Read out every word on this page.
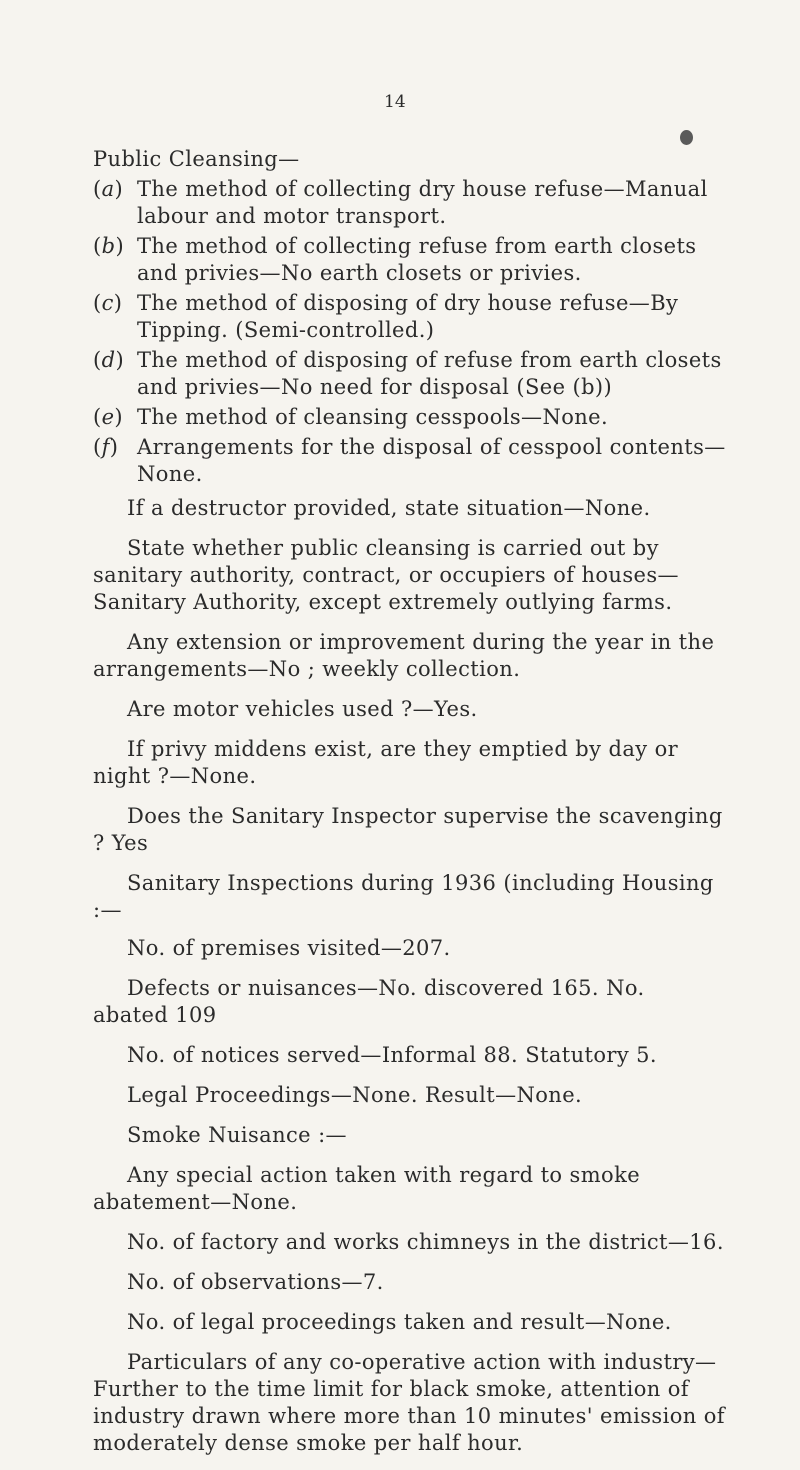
14
Public Cleansing—
(a) The method of collecting dry house refuse—Manual labour and motor transport.
(b) The method of collecting refuse from earth closets and privies—No earth closets or privies.
(c) The method of disposing of dry house refuse—By Tipping. (Semi-controlled.)
(d) The method of disposing of refuse from earth closets and privies—No need for disposal (See (b))
(e) The method of cleansing cesspools—None.
(f) Arrangements for the disposal of cesspool contents—None.

If a destructor provided, state situation—None.

State whether public cleansing is carried out by sanitary authority, contract, or occupiers of houses—Sanitary Authority, except extremely outlying farms.

Any extension or improvement during the year in the arrangements—No ; weekly collection.

Are motor vehicles used ?—Yes.

If privy middens exist, are they emptied by day or night ?—None.

Does the Sanitary Inspector supervise the scavenging ? Yes

Sanitary Inspections during 1936 (including Housing :—

No. of premises visited—207.

Defects or nuisances—No. discovered 165. No. abated 109

No. of notices served—Informal 88. Statutory 5.

Legal Proceedings—None. Result—None.

Smoke Nuisance :—

Any special action taken with regard to smoke abatement—None.

No. of factory and works chimneys in the district—16.

No. of observations—7.

No. of legal proceedings taken and result—None.

Particulars of any co-operative action with industry—Further to the time limit for black smoke, attention of industry drawn where more than 10 minutes' emission of moderately dense smoke per half hour.
